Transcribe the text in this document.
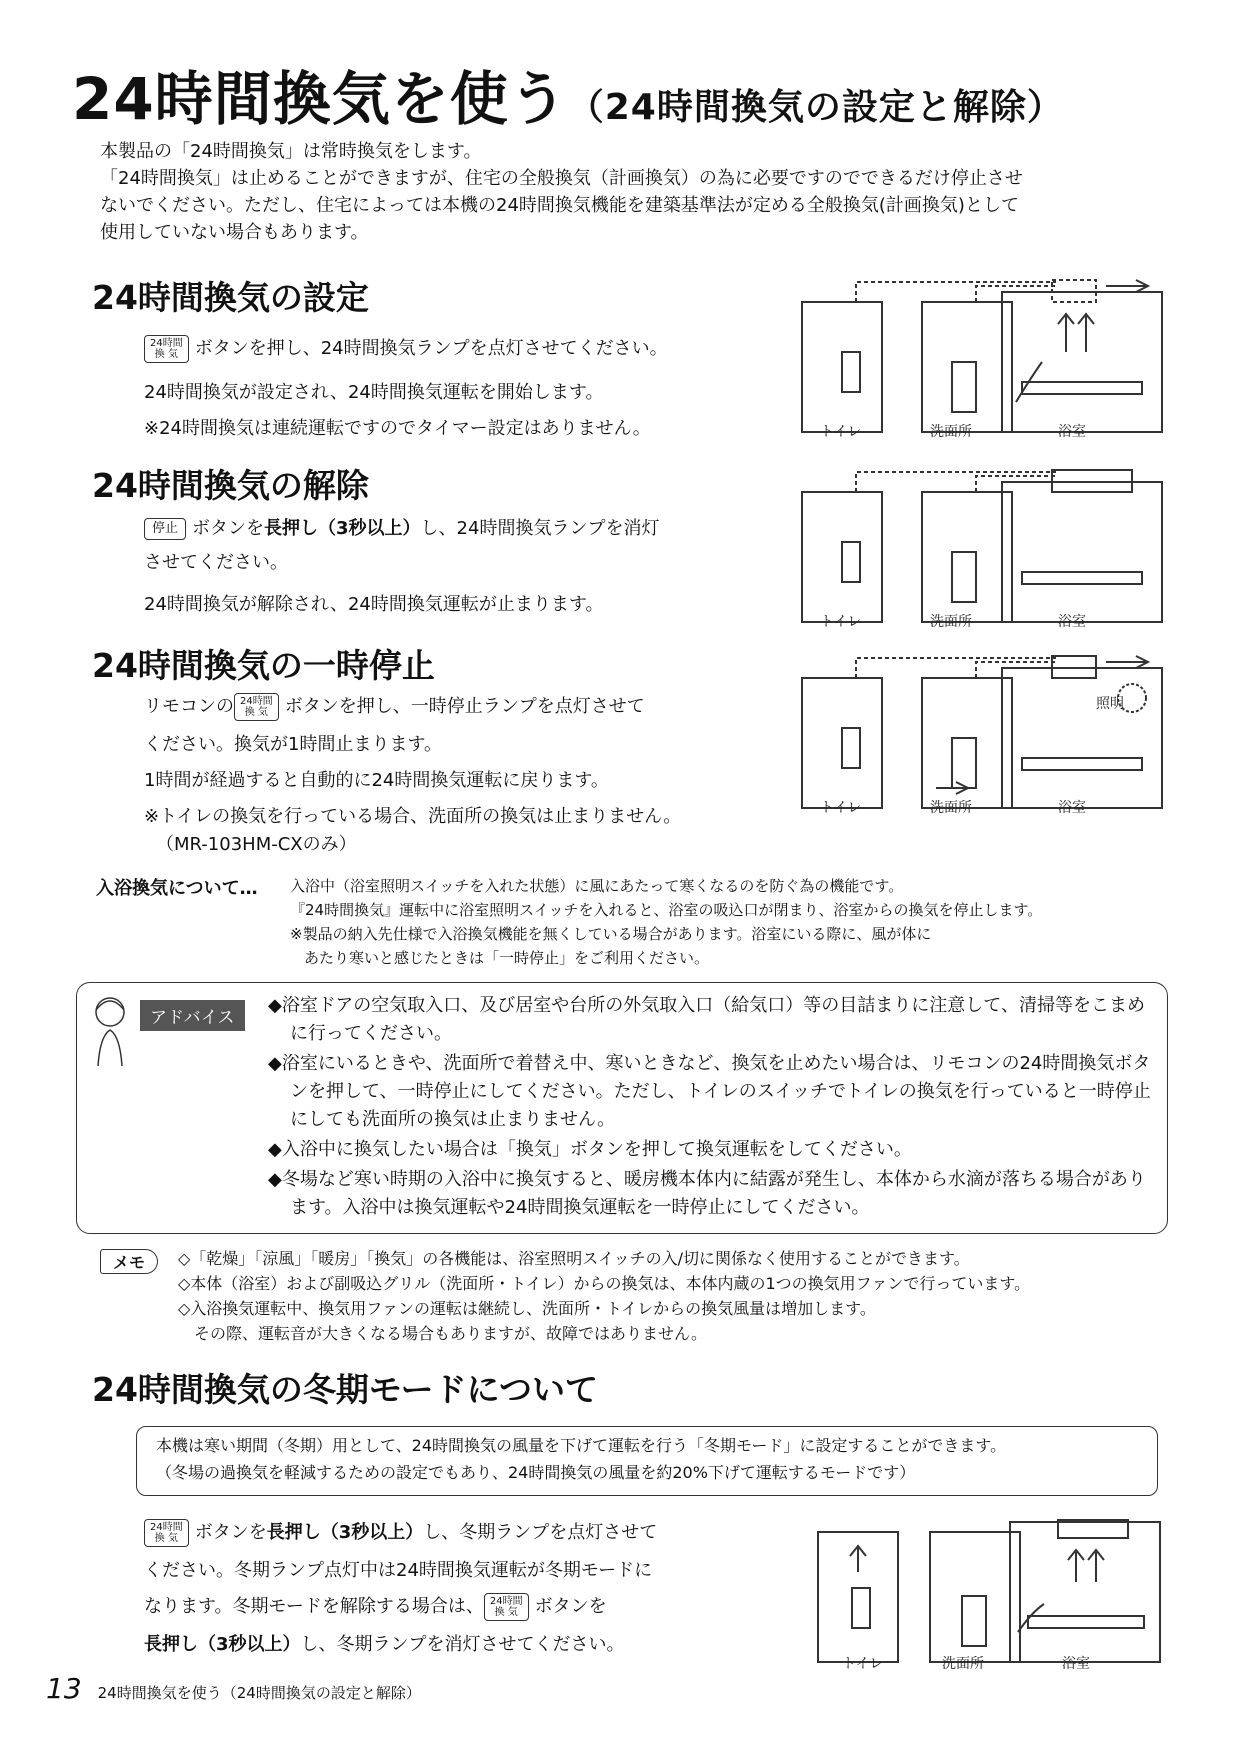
24時間換気を使う（24時間換気の設定と解除）
本製品の「24時間換気」は常時換気をします。
「24時間換気」は止めることができますが、住宅の全般換気（計画換気）の為に必要ですのでできるだけ停止させ
ないでください。ただし、住宅によっては本機の24時間換気機能を建築基準法が定める全般換気(計画換気)として
使用していない場合もあります。
24時間換気の設定
24時間
換 気 ボタンを押し、24時間換気ランプを点灯させてください。
24時間換気が設定され、24時間換気運転を開始します。
※24時間換気は連続運転ですのでタイマー設定はありません。
24時間換気の解除
停止 ボタンを長押し（3秒以上）し、24時間換気ランプを消灯
させてください。
24時間換気が解除され、24時間換気運転が止まります。
24時間換気の一時停止
リモコンの 24時間
換 気 ボタンを押し、一時停止ランプを点灯させて
ください。換気が1時間止まります。
1時間が経過すると自動的に24時間換気運転に戻ります。
※トイレの換気を行っている場合、洗面所の換気は止まりません。
（MR-103HM-CXのみ）
トイレ	洗面所	浴室
トイレ	洗面所	浴室
照明
トイレ	洗面所	浴室
入浴換気について… 入浴中（浴室照明スイッチを入れた状態）に風にあたって寒くなるのを防ぐ為の機能です。
『24時間換気』運転中に浴室照明スイッチを入れると、浴室の吸込口が閉まり、浴室からの換気を停止します。
※製品の納入先仕様で入浴換気機能を無くしている場合があります。浴室にいる際に、風が体に
あたり寒いと感じたときは「一時停止」をご利用ください。
アドバイス

◆浴室ドアの空気取入口、及び居室や台所の外気取入口（給気口）等の目詰まりに注意して、清掃等をこまめに行ってください。

◆浴室にいるときや、洗面所で着替え中、寒いときなど、換気を止めたい場合は、リモコンの24時間換気ボタンを押して、一時停止にしてください。ただし、トイレのスイッチでトイレの換気を行っていると一時停止にしても洗面所の換気は止まりません。

◆入浴中に換気したい場合は「換気」ボタンを押して換気運転をしてください。

◆冬場など寒い時期の入浴中に換気すると、暖房機本体内に結露が発生し、本体から水滴が落ちる場合があります。入浴中は換気運転や24時間換気運転を一時停止にしてください。

メモ	◇「乾燥」「涼風」「暖房」「換気」の各機能は、浴室照明スイッチの入/切に関係なく使用することができます。
◇本体（浴室）および副吸込グリル（洗面所・トイレ）からの換気は、本体内蔵の1つの換気用ファンで行っています。
◇入浴換気運転中、換気用ファンの運転は継続し、洗面所・トイレからの換気風量は増加します。
　その際、運転音が大きくなる場合もありますが、故障ではありません。
24時間換気の冬期モードについて
本機は寒い期間（冬期）用として、24時間換気の風量を下げて運転を行う「冬期モード」に設定することができます。
（冬場の過換気を軽減するための設定でもあり、24時間換気の風量を約20%下げて運転するモードです）
24時間
換 気 ボタンを長押し（3秒以上）し、冬期ランプを点灯させて
ください。冬期ランプ点灯中は24時間換気運転が冬期モードに
なります。冬期モードを解除する場合は、 24時間
換 気 ボタンを
長押し（3秒以上）し、冬期ランプを消灯させてください。
トイレ	洗面所	浴室
13 24時間換気を使う（24時間換気の設定と解除）
